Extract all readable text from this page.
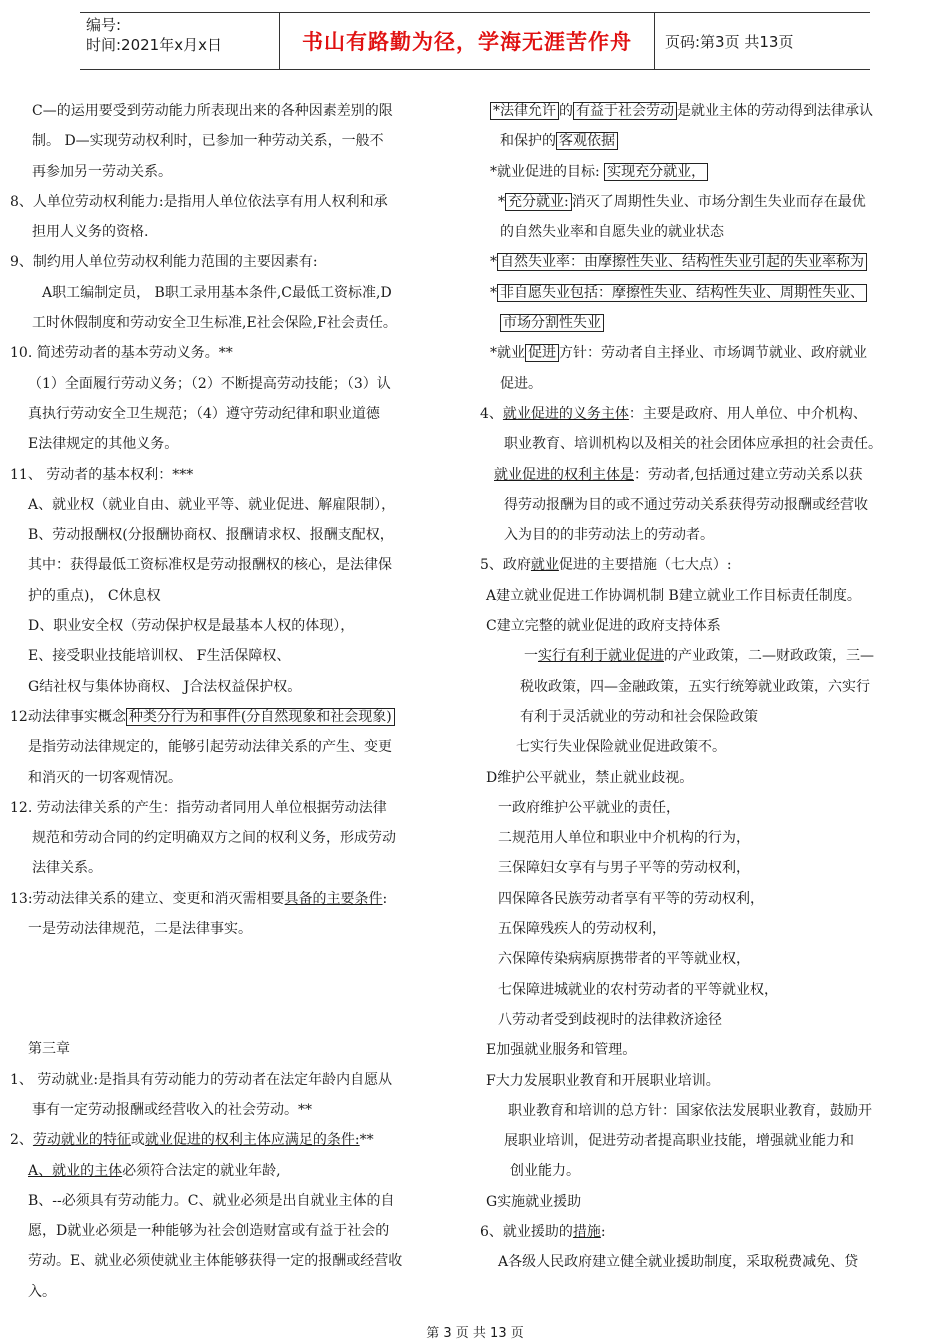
编号:
时间:2021年x月x日	书山有路勤为径，学海无涯苦作舟	页码:第3页 共13页
C—的运用要受到劳动能力所表现出来的各种因素差别的限
制。 D—实现劳动权利时，已参加一种劳动关系，一般不
再参加另一劳动关系。
8、人单位劳动权利能力:是指用人单位依法享有用人权利和承
担用人义务的资格.
9、制约用人单位劳动权利能力范围的主要因素有:
A职工编制定员， B职工录用基本条件,C最低工资标准,D
工时休假制度和劳动安全卫生标准,E社会保险,F社会责任。
10. 简述劳动者的基本劳动义务。**
（1）全面履行劳动义务；（2）不断提高劳动技能；（3）认
真执行劳动安全卫生规范；（4）遵守劳动纪律和职业道德
E法律规定的其他义务。
11、 劳动者的基本权利：***
A、就业权（就业自由、就业平等、就业促进、解雇限制），
B、劳动报酬权(分报酬协商权、报酬请求权、报酬支配权，
其中：获得最低工资标准权是劳动报酬权的核心，是法律保
护的重点)， C休息权
D、职业安全权（劳动保护权是最基本人权的体现），
E、接受职业技能培训权、 F生活保障权、
G结社权与集体协商权、 J合法权益保护权。
12动法律事实概念 种类分行为和事件(分自然现象和社会现象)
是指劳动法律规定的，能够引起劳动法律关系的产生、变更
和消灭的一切客观情况。
12. 劳动法律关系的产生：指劳动者同用人单位根据劳动法律
规范和劳动合同的约定明确双方之间的权利义务，形成劳动
法律关系。
13:劳动法律关系的建立、变更和消灭需相要具备的主要条件:
一是劳动法律规范，二是法律事实。
第三章
1、 劳动就业:是指具有劳动能力的劳动者在法定年龄内自愿从
事有一定劳动报酬或经营收入的社会劳动。**
2、劳动就业的特征或就业促进的权利主体应满足的条件:**
A、就业的主体必须符合法定的就业年龄,
B、--必须具有劳动能力。C、就业必须是出自就业主体的自
愿，D就业必须是一种能够为社会创造财富或有益于社会的
劳动。E、就业必须使就业主体能够获得一定的报酬或经营收
入。
*法律允许 的 有益于社会劳动 是就业主体的劳动得到法律承认
和保护的 客观依据
*就业促进的目标: 实现充分就业，
* 充分就业: 消灭了周期性失业、市场分割生失业而存在最优
的自然失业率和自愿失业的就业状态
* 自然失业率：由摩擦性失业、结构性失业引起的失业率称为
* 非自愿失业包括：摩擦性失业、结构性失业、周期性失业、
市场分割性失业
*就业 促进 方针：劳动者自主择业、市场调节就业、政府就业
促进。
4、就业促进的义务主体：主要是政府、用人单位、中介机构、
职业教育、培训机构以及相关的社会团体应承担的社会责任。
就业促进的权利主体是：劳动者,包括通过建立劳动关系以获
得劳动报酬为目的或不通过劳动关系获得劳动报酬或经营收
入为目的的非劳动法上的劳动者。
5、政府就业促进的主要措施（七大点）:
A建立就业促进工作协调机制 B建立就业工作目标责任制度。
C建立完整的就业促进的政府支持体系
一实行有利于就业促进的产业政策，二—财政政策，三—
税收政策，四—金融政策，五实行统筹就业政策，六实行
有利于灵活就业的劳动和社会保险政策
七实行失业保险就业促进政策不。
D维护公平就业，禁止就业歧视。
一政府维护公平就业的责任，
二规范用人单位和职业中介机构的行为，
三保障妇女享有与男子平等的劳动权利，
四保障各民族劳动者享有平等的劳动权利，
五保障残疾人的劳动权利，
六保障传染病病原携带者的平等就业权，
七保障进城就业的农村劳动者的平等就业权，
八劳动者受到歧视时的法律救济途径
E加强就业服务和管理。
F大力发展职业教育和开展职业培训。
职业教育和培训的总方针：国家依法发展职业教育，鼓励开
展职业培训，促进劳动者提高职业技能，增强就业能力和
创业能力。
G实施就业援助
6、就业援助的措施:
A各级人民政府建立健全就业援助制度，采取税费减免、贷
第 3 页 共 13 页
